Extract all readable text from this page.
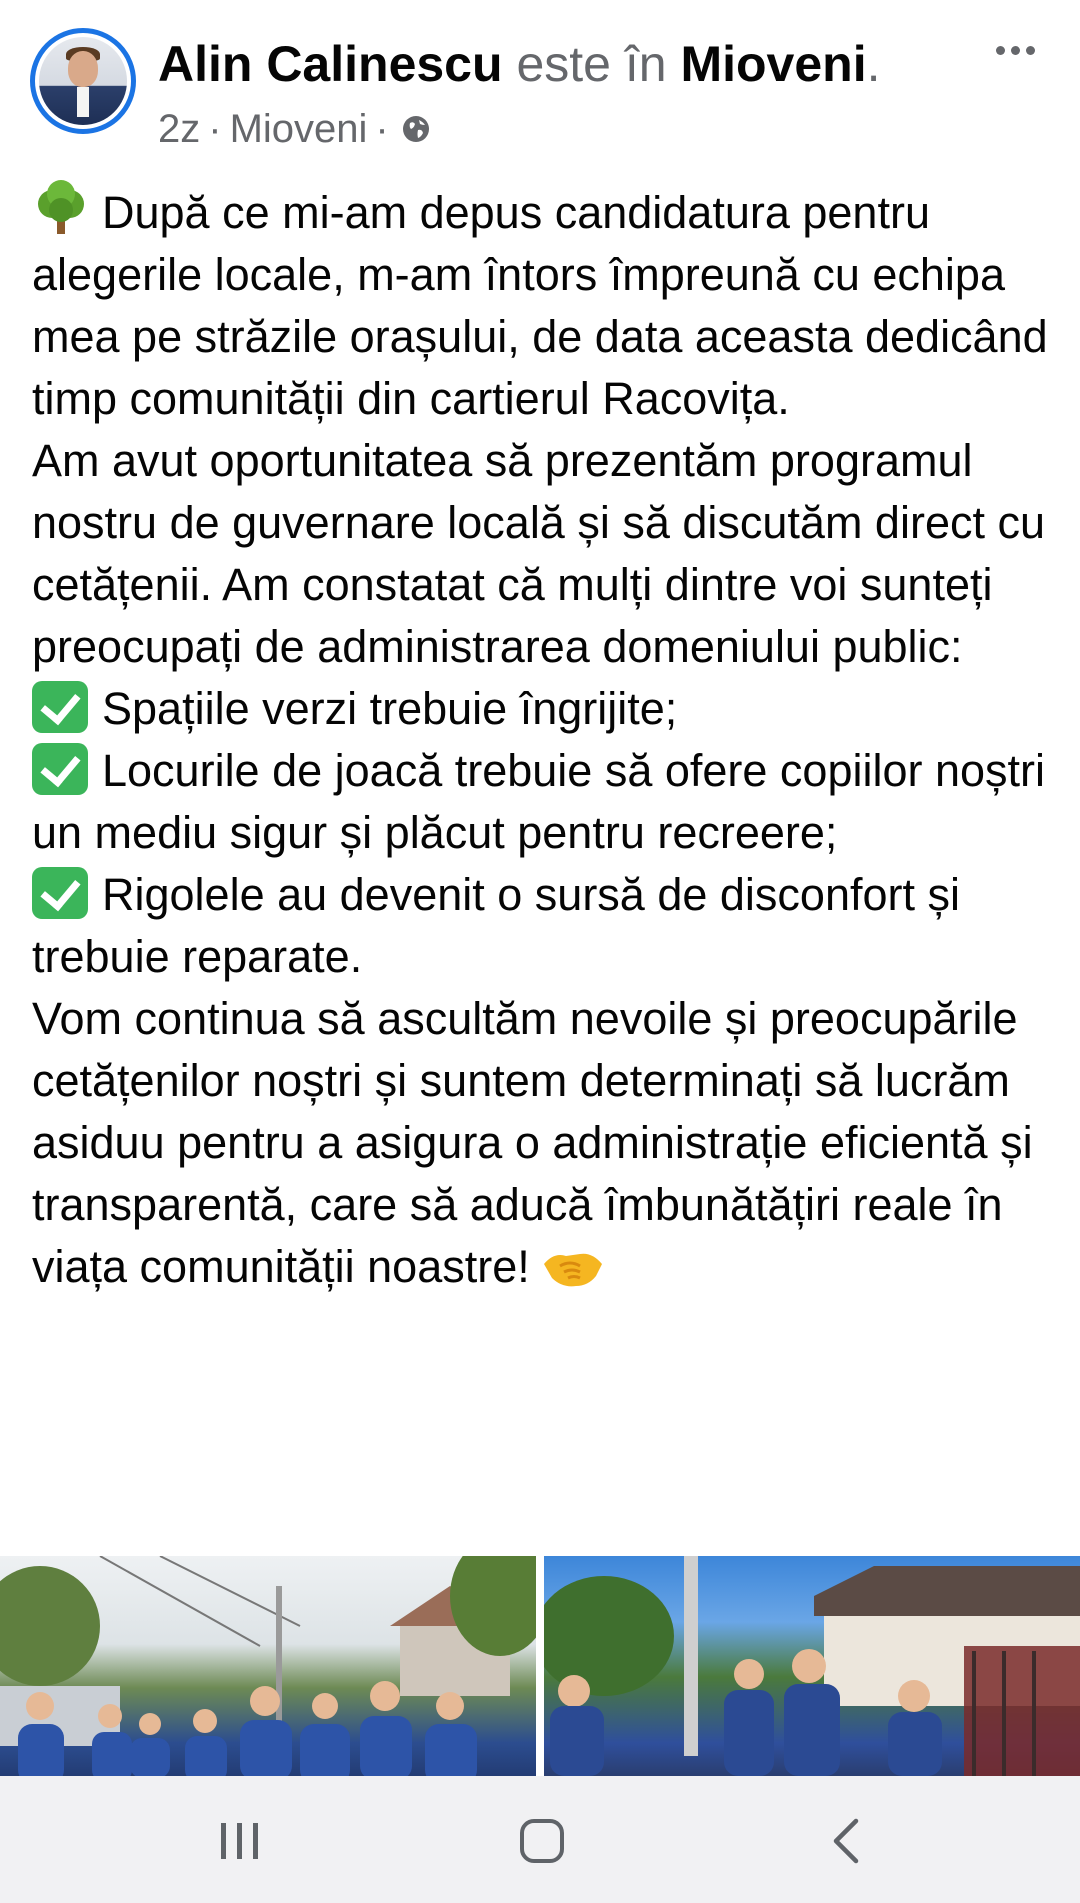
Alin Calinescu este în Mioveni.
2z · Mioveni ·

După ce mi-am depus candidatura pentru alegerile locale, m-am întors împreună cu echipa mea pe străzile orașului, de data aceasta dedicând timp comunității din cartierul Racovița.

Am avut oportunitatea să prezentăm programul nostru de guvernare locală și să discutăm direct cu cetățenii. Am constatat că mulți dintre voi sunteți preocupați de administrarea domeniului public:

Spațiile verzi trebuie îngrijite;

Locurile de joacă trebuie să ofere copiilor noștri un mediu sigur și plăcut pentru recreere;

Rigolele au devenit o sursă de disconfort și trebuie reparate.

Vom continua să ascultăm nevoile și preocupările cetățenilor noștri și suntem determinați să lucrăm asiduu pentru a asigura o administrație eficientă și transparentă, care să aducă îmbunătățiri reale în viața comunității noastre!
